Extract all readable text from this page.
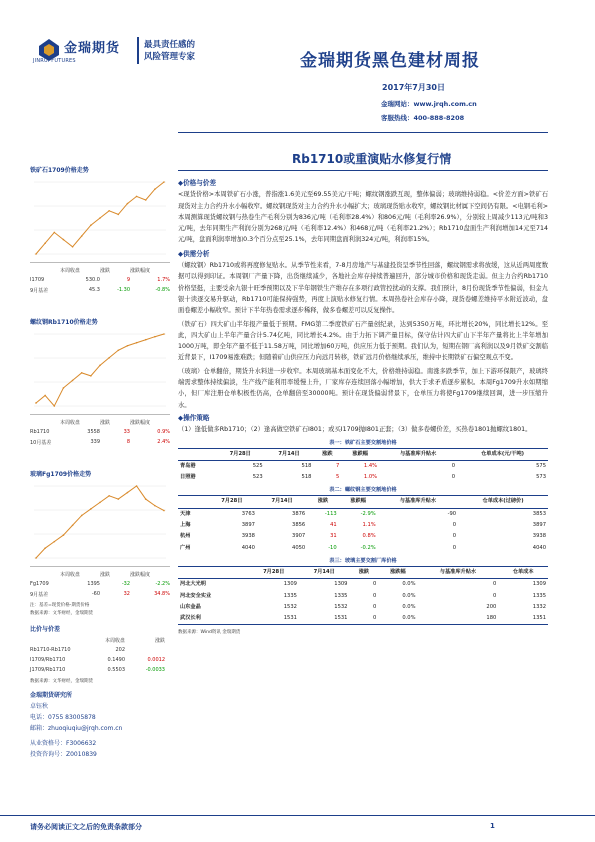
金瑞期货
JINRUI FUTURES
最具责任感的
风险管理专家	金瑞期货黑色建材周报
2017年7月30日
金瑞网站：www.jrqh.com.cn
客服热线：400-888-8208
Rb1710或重演贴水修复行情
铁矿石1709价格走势
本周收盘	涨跌	涨跌幅度
I1709	530.0	9	1.7%
9月基差	45.3	-1.30	-0.8%
螺纹钢Rb1710价格走势
本周收盘	涨跌	涨跌幅度
Rb1710	3558	33	0.9%
10月基差	339	8	2.4%
玻璃Fg1709价格走势
本周收盘	涨跌	涨跌幅度
Fg1709	1395	-32	-2.2%
9月基差	-60	32	34.8%
注：基差=现货价格-期货价格
数据来源：文华财经，金瑞期货
比价与价差
本周收盘	涨跌
Rb1710-Rb1710	202
I1709/Rb1710	0.1490	0.0012
J1709/Rb1710	0.5503	-0.0033
数据来源：文华财经，金瑞期货
金瑞期货研究所
卓钰秋
电话：0755 83005878
邮箱：zhuoqiuqiu@jrqh.com.cn
从业资格号：F3006632
投资咨询号：Z0010839
◆价格与价差
<现货价格>本周铁矿石小涨，普指涨1.6美元至69.55美元/干吨；螺纹钢涨跌互现，整体偏弱；玻璃维持弱稳。<价差方面>铁矿石现货对主力合约升水小幅收窄。螺纹钢现货对主力合约升水小幅扩大；玻璃现货贴水收窄，螺纹钢比材属下空间仍有限。<电钢毛利>本周测算现货螺纹钢与热卷生产毛利分别为836元/吨（毛利率28.4%）和806元/吨（毛利率26.9%），分别较上周减少113元/吨和3元/吨，去年同期生产利润分别为268元/吨（毛利率12.4%）和468元/吨（毛利率21.2%）；Rb1710盘面生产利润增加14元至714元/吨，盘面利润率增加0.3个百分点至25.1%，去年同期盘面利润324元/吨，利润率15%。
◆供需分析
（螺纹钢）Rb1710或将再度修复贴水。从季节性来看，7-8月房地产与基建投资呈季节性回落，螺纹钢需求将放缓，这从近两周度数据可以得到印证。本周钢厂产量下降，出货继续减少，各地社会库存持续普遍回升，部分城市价格和现货走弱。但主力合约Rb1710价格坚挺，主要受余九银十旺季预期以及下半年钢铁生产维存在多项行政管控扰动的支撑。我们预计，8月份现货季节性偏弱，但金九银十读逐交易升驱动，Rb1710可能保持强势，再度上演贴水修复行情。本周热卷社会库存小降，现货卷螺差维持平水附近波动，盘面卷螺差小幅收窄。预计下半年热卷需求逐步稀释，做多卷螺差可以反复操作。
（铁矿石）四大矿山半年报产量低于预期。FMG第二季度铁矿石产量创纪录，达到5350万吨，环比增长20%，同比增长12%。至此，四大矿山上半年产量合计5.74亿吨，同比增长4.2%。由于力拓下调产量目标，保守估计四大矿山下半年产量将比上半年增加1000万吨，即全年产量不低于11.58万吨，同比增加60万吨，供应压力低于预期。我们认为，短期在钢厂高利润以及9月铁矿交割临近背景下，I1709易涨难跌；但随着矿山供应压力向远月转移，铁矿远月价格继续承压，维持中长期铁矿石偏空观点不变。
（玻璃）仓单翻倍，期货升水料进一步收窄。本周玻璃基本面变化不大，价格维持弱稳。南涨多跌季节，加上下游环保限产，玻璃终端需求整体持续偏淡，生产线产能利用率缓慢上升，厂家库存连续回落小幅增加，供大于求矛盾逐步累积。本周Fg1709升水如期缩小，但厂库注册仓单积极性仍高，仓单翻倍至30000吨。预计在现货偏弱背景下，仓单压力将使Fg1709继续回调，进一步压缩升水。
◆操作策略
（1）逢低做多Rb1710；（2）逢高做空铁矿石I801；或买I1709抛I801正套；（3）做多卷螺价差，买热卷1801抛螺纹1801。
表一：铁矿石主要交割地价格
	7月28日	7月14日	涨跌	涨跌幅	与基准库升贴水	仓单成本(元/干吨)
青岛港	525	518	7	1.4%	0	575
日照港	523	518	5	1.0%	0	573
表二：螺纹钢主要交割地价格
	7月28日	7月14日	涨跌	涨跌幅	与基准库升贴水	仓单成本(过磅价)
天津	3763	3876	-113	-2.9%	-90	3853
上海	3897	3856	41	1.1%	0	3897
杭州	3938	3907	31	0.8%	0	3938
广州	4040	4050	-10	-0.2%	0	4040
表三：玻璃主要交割厂库价格
	7月28日	7月14日	涨跌	涨跌幅	与基准库升贴水	仓单成本
河北大光明	1309	1309	0	0.0%	0	1309
河北安全实业	1335	1335	0	0.0%	0	1335
山东金晶	1532	1532	0	0.0%	200	1332
武汉长利	1531	1531	0	0.0%	180	1351
数据来源：Wind资讯 金瑞期货
请务必阅读正文之后的免责条款部分	1
